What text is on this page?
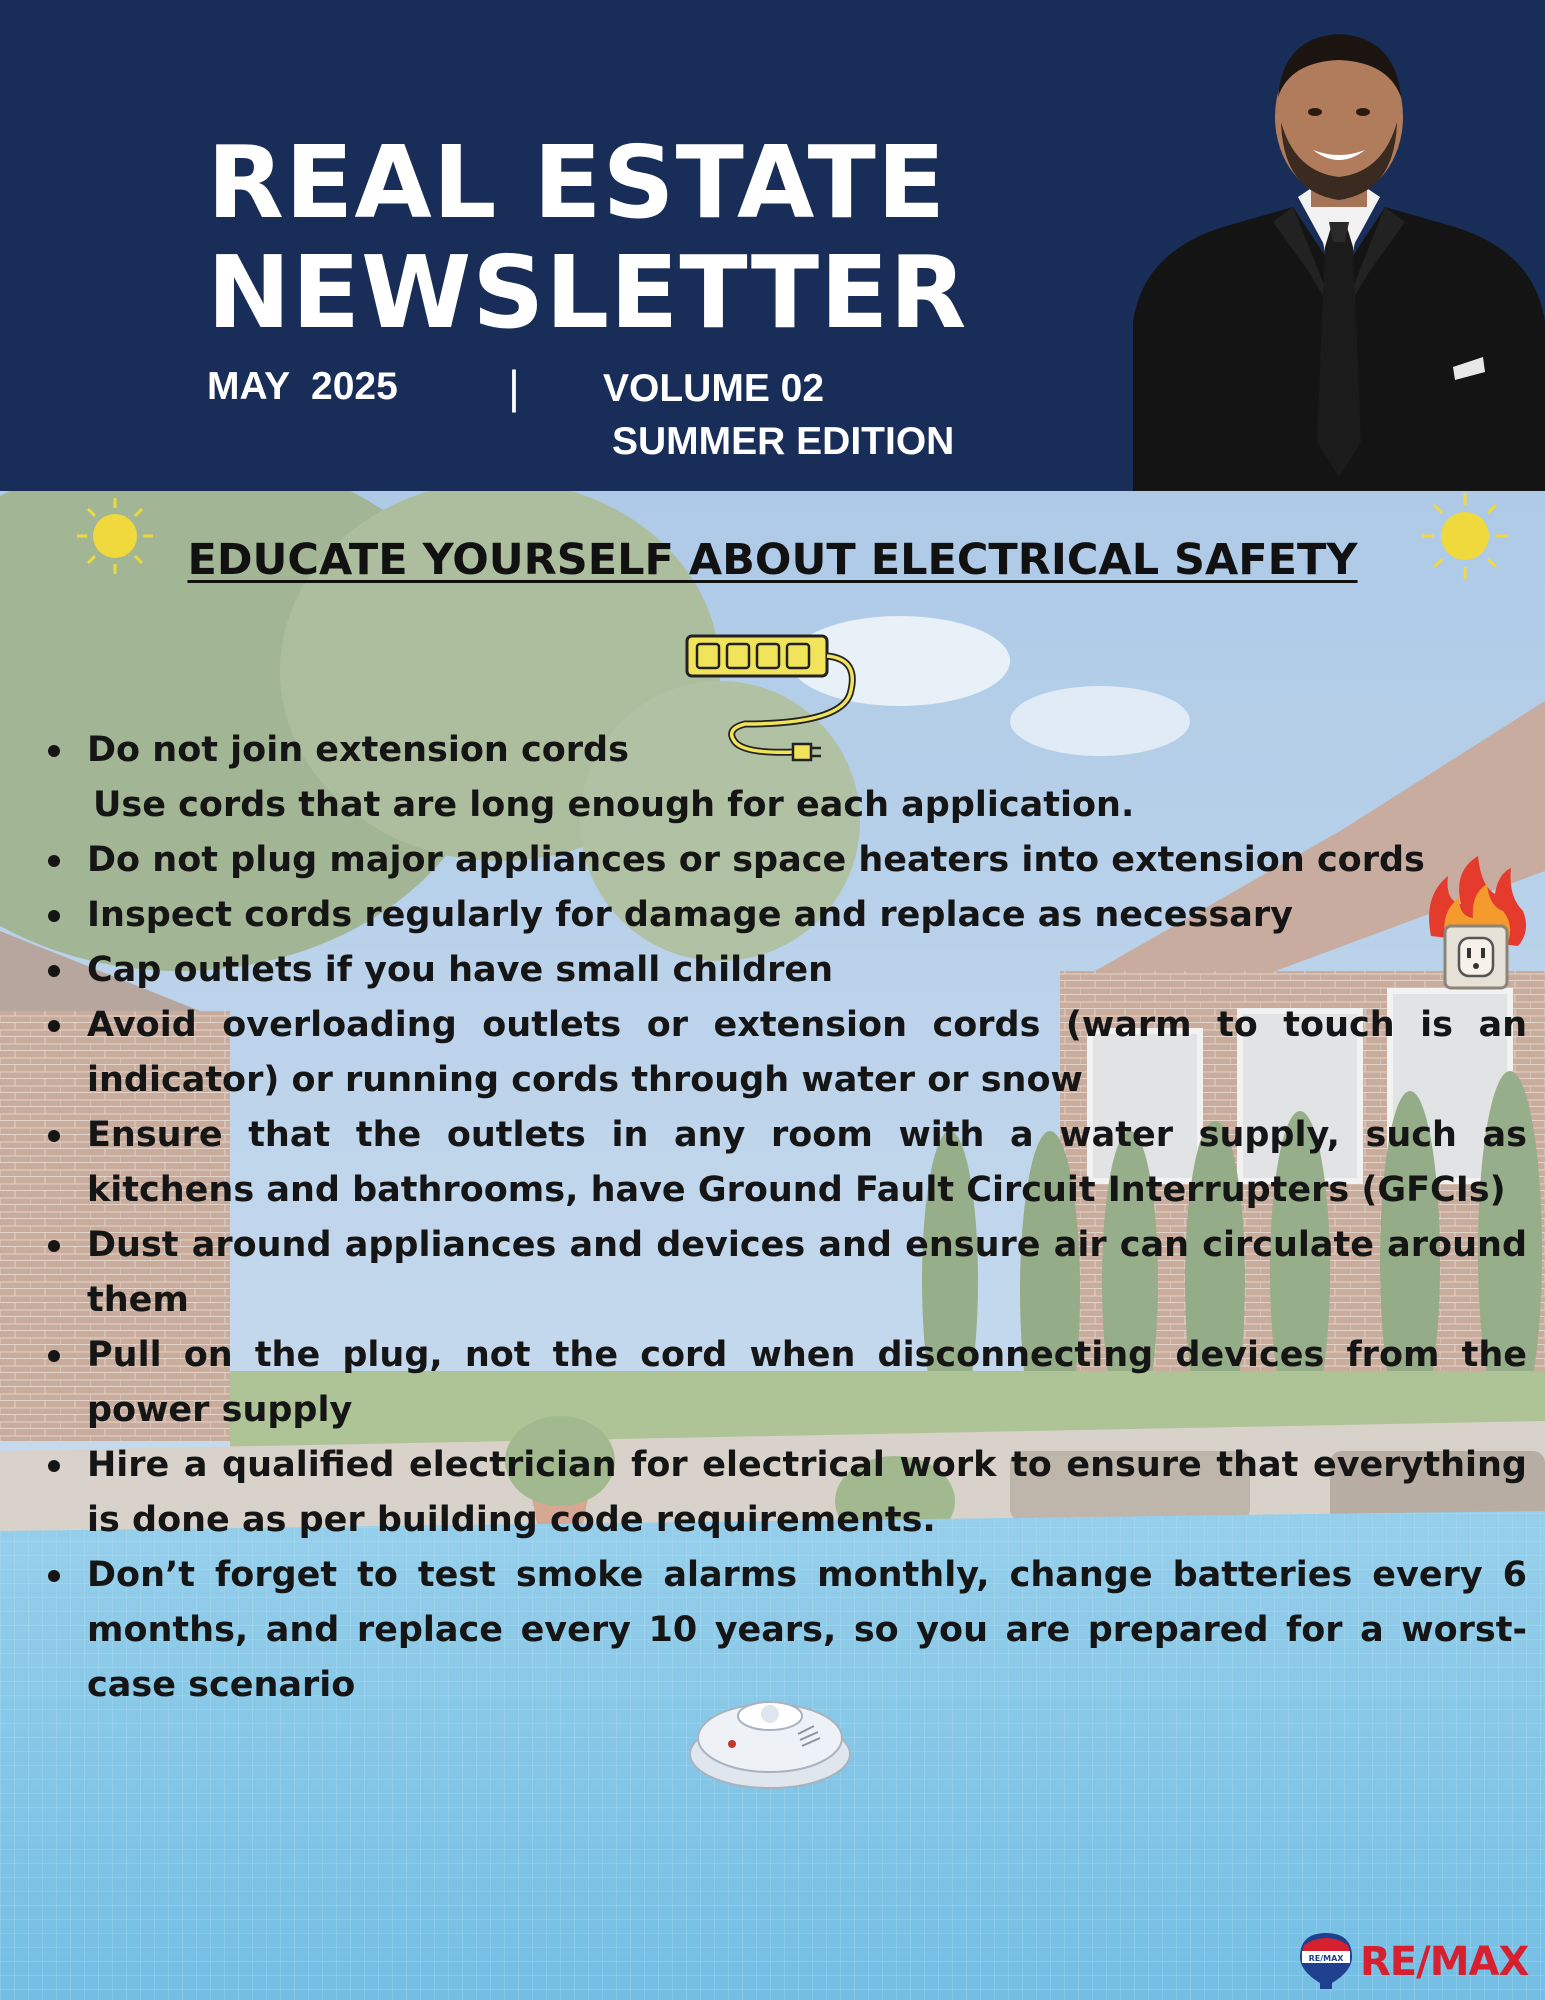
REAL ESTATE
NEWSLETTER
MAY  2025 | VOLUME 02
SUMMER EDITION
EDUCATE YOURSELF ABOUT ELECTRICAL SAFETY
Do not join extension cords
Use cords that are long enough for each application.
Do not plug major appliances or space heaters into extension cords
Inspect cords regularly for damage and replace as necessary
Cap outlets if you have small children
Avoid overloading outlets or extension cords (warm to touch is an indicator) or running cords through water or snow
Ensure that the outlets in any room with a water supply, such as kitchens and bathrooms, have Ground Fault Circuit Interrupters (GFCIs)
Dust around appliances and devices and ensure air can circulate around them
Pull on the plug, not the cord when disconnecting devices from the power supply
Hire a qualified electrician for electrical work to ensure that everything is done as per building code requirements.
Don’t forget to test smoke alarms monthly, change batteries every 6 months, and replace every 10 years, so you are prepared for a worst-case scenario
RE/MAX RE/MAX
